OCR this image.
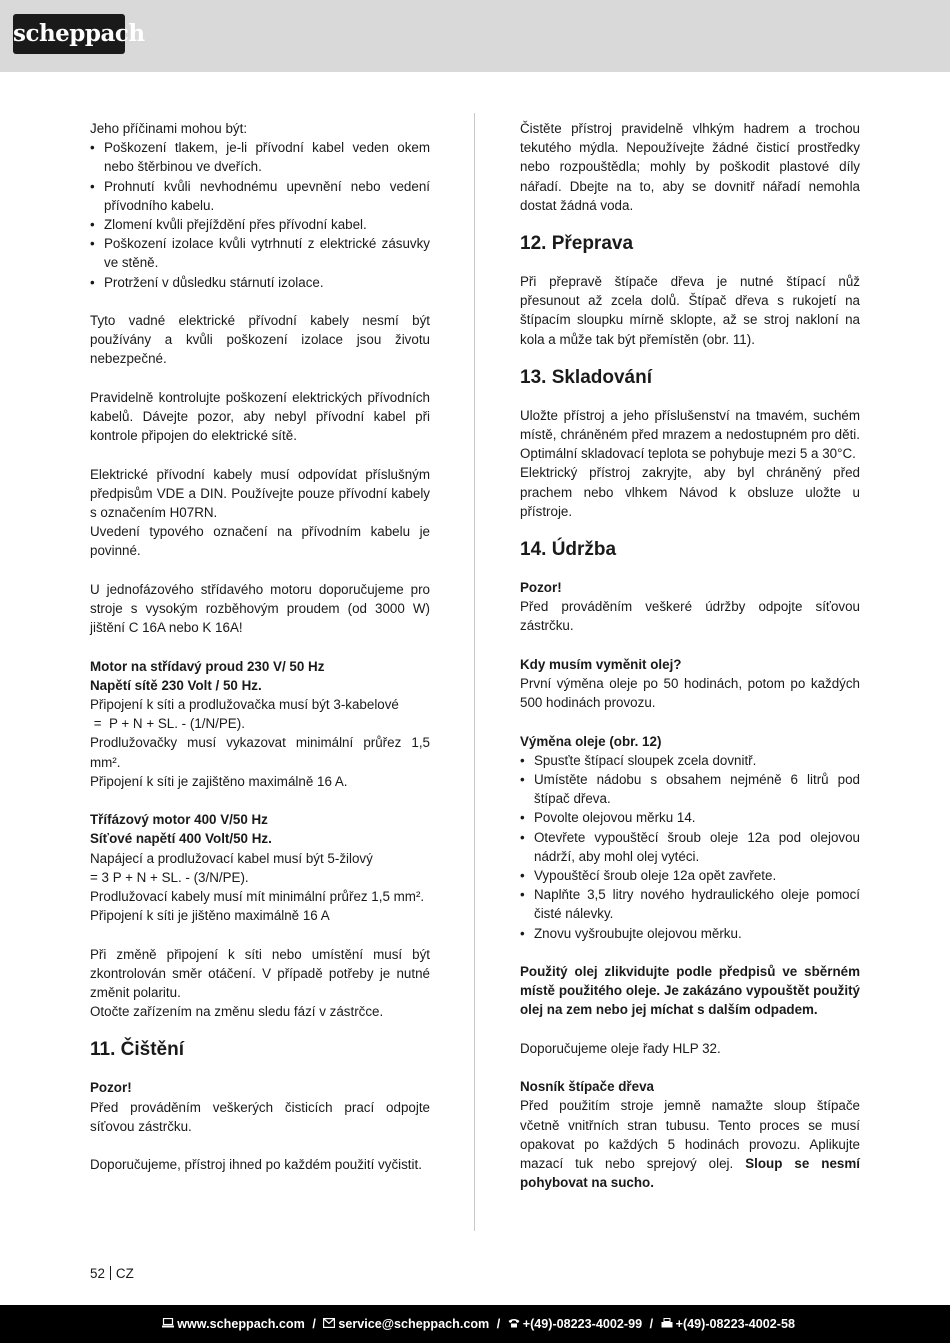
scheppach

Jeho příčinami mohou být:

• Poškození tlakem, je-li přívodní kabel veden okem nebo štěrbinou ve dveřích.
• Prohnutí kvůli nevhodnému upevnění nebo vedení přívodního kabelu.
• Zlomení kvůli přejíždění přes přívodní kabel.
• Poškození izolace kvůli vytrhnutí z elektrické zásuvky ve stěně.
• Protržení v důsledku stárnutí izolace.

Tyto vadné elektrické přívodní kabely nesmí být používány a kvůli poškození izolace jsou životu nebezpečné.

Pravidelně kontrolujte poškození elektrických přívodních kabelů. Dávejte pozor, aby nebyl přívodní kabel při kontrole připojen do elektrické sítě.

Elektrické přívodní kabely musí odpovídat příslušným předpisům VDE a DIN. Používejte pouze přívodní kabely s označením H07RN.

Uvedení typového označení na přívodním kabelu je povinné.

U jednofázového střídavého motoru doporučujeme pro stroje s vysokým rozběhovým proudem (od 3000 W) jištění C 16A nebo K 16A!

Motor na střídavý proud 230 V/ 50 Hz

Napětí sítě 230 Volt / 50 Hz.

Připojení k síti a prodlužovačka musí být 3-kabelové

=  P + N + SL. - (1/N/PE).

Prodlužovačky musí vykazovat minimální průřez 1,5 mm².

Připojení k síti je zajištěno maximálně 16 A.

Třífázový motor 400 V/50 Hz

Síťové napětí 400 Volt/50 Hz.

Napájecí a prodlužovací kabel musí být 5-žilový

= 3 P + N + SL. - (3/N/PE).

Prodlužovací kabely musí mít minimální průřez 1,5 mm².

Připojení k síti je jištěno maximálně 16 A

Při změně připojení k síti nebo umístění musí být zkontrolován směr otáčení. V případě potřeby je nutné změnit polaritu.

Otočte zařízením na změnu sledu fází v zástrčce.

11. Čištění

Pozor!

Před prováděním veškerých čisticích prací odpojte síťovou zástrčku.

Doporučujeme, přístroj ihned po každém použití vyčistit.

Čistěte přístroj pravidelně vlhkým hadrem a trochou tekutého mýdla. Nepoužívejte žádné čisticí prostředky nebo rozpouštědla; mohly by poškodit plastové díly nářadí. Dbejte na to, aby se dovnitř nářadí nemohla dostat žádná voda.

12. Přeprava

Při přepravě štípače dřeva je nutné štípací nůž přesunout až zcela dolů. Štípač dřeva s rukojetí na štípacím sloupku mírně sklopte, až se stroj nakloní na kola a může tak být přemístěn (obr. 11).

13. Skladování

Uložte přístroj a jeho příslušenství na tmavém, suchém místě, chráněném před mrazem a nedostupném pro děti. Optimální skladovací teplota se pohybuje mezi 5 a 30°C.

Elektrický přístroj zakryjte, aby byl chráněný před prachem nebo vlhkem Návod k obsluze uložte u přístroje.

14. Údržba

Pozor!

Před prováděním veškeré údržby odpojte síťovou zástrčku.

Kdy musím vyměnit olej?

První výměna oleje po 50 hodinách, potom po každých 500 hodinách provozu.

Výměna oleje (obr. 12)

• Spusťte štípací sloupek zcela dovnitř.
• Umístěte nádobu s obsahem nejméně 6 litrů pod štípač dřeva.
• Povolte olejovou měrku 14.
• Otevřete vypouštěcí šroub oleje 12a pod olejovou nádrží, aby mohl olej vytéci.
• Vypouštěcí šroub oleje 12a opět zavřete.
• Naplňte 3,5 litry nového hydraulického oleje pomocí čisté nálevky.
• Znovu vyšroubujte olejovou měrku.

Použitý olej zlikvidujte podle předpisů ve sběrném místě použitého oleje. Je zakázáno vypouštět použitý olej na zem nebo jej míchat s dalším odpadem.

Doporučujeme oleje řady HLP 32.

Nosník štípače dřeva

Před použitím stroje jemně namažte sloup štípače včetně vnitřních stran tubusu. Tento proces se musí opakovat po každých 5 hodinách provozu. Aplikujte mazací tuk nebo sprejový olej. Sloup se nesmí pohybovat na sucho.

52 CZ
www.scheppach.com / service@scheppach.com / +(49)-08223-4002-99 / +(49)-08223-4002-58
